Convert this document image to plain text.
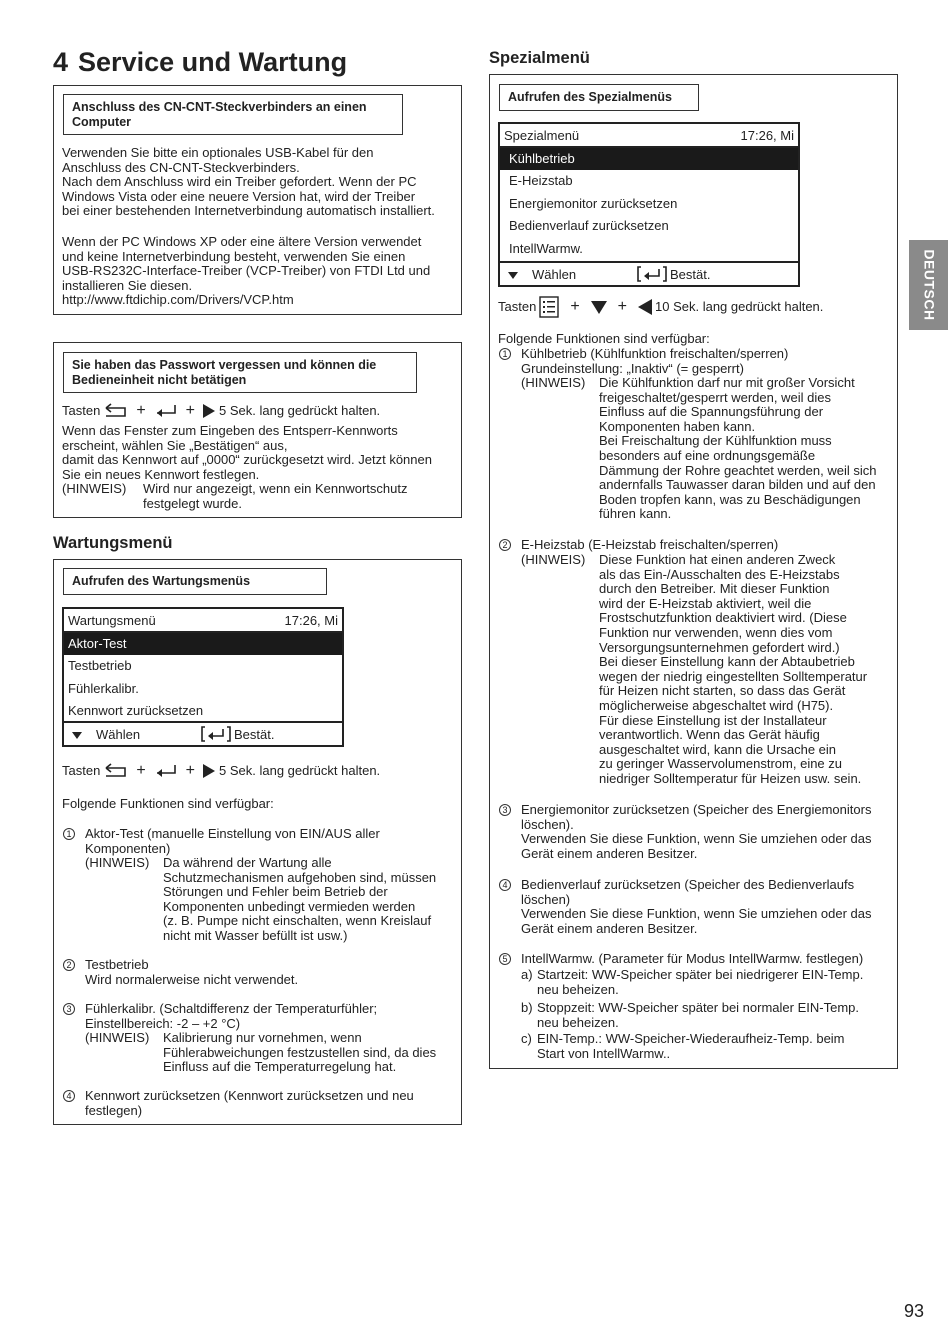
4 Service und Wartung
Anschluss des CN-CNT-Steckverbinders an einen
Computer
Verwenden Sie bitte ein optionales USB-Kabel für den
Anschluss des CN-CNT-Steckverbinders.
Nach dem Anschluss wird ein Treiber gefordert. Wenn der PC
Windows Vista oder eine neuere Version hat, wird der Treiber
bei einer bestehenden Internetverbindung automatisch installiert.
Wenn der PC Windows XP oder eine ältere Version verwendet
und keine Internetverbindung besteht, verwenden Sie einen
USB-RS232C-Interface-Treiber (VCP-Treiber) von FTDI Ltd und
installieren Sie diesen.
http://www.ftdichip.com/Drivers/VCP.htm
Sie haben das Passwort vergessen und können die
Bedieneinheit nicht betätigen
Tasten +	+ 5 Sek. lang gedrückt halten.
Wenn das Fenster zum Eingeben des Entsperr-Kennworts
erscheint, wählen Sie „Bestätigen“ aus,
damit das Kennwort auf „0000“ zurückgesetzt wird. Jetzt können
Sie ein neues Kennwort festlegen.
(HINWEIS) Wird nur angezeigt, wenn ein Kennwortschutz
festgelegt wurde.
Wartungsmenü
Aufrufen des Wartungsmenüs
Wartungsmenü	17:26, Mi
Aktor-Test
Testbetrieb
Fühlerkalibr.
Kennwort zurücksetzen
Wählen	Bestät.
Tasten +	+ 5 Sek. lang gedrückt halten.
Folgende Funktionen sind verfügbar:
1 Aktor-Test (manuelle Einstellung von EIN/AUS aller
Komponenten)
(HINWEIS) Da während der Wartung alle
Schutzmechanismen aufgehoben sind, müssen
Störungen und Fehler beim Betrieb der
Komponenten unbedingt vermieden werden
(z. B. Pumpe nicht einschalten, wenn Kreislauf
nicht mit Wasser befüllt ist usw.)
2 Testbetrieb
Wird normalerweise nicht verwendet.
3 Fühlerkalibr. (Schaltdifferenz der Temperaturfühler;
Einstellbereich: -2 – +2 °C)
(HINWEIS) Kalibrierung nur vornehmen, wenn
Fühlerabweichungen festzustellen sind, da dies
Einfluss auf die Temperaturregelung hat.
4 Kennwort zurücksetzen (Kennwort zurücksetzen und neu
festlegen)
Spezialmenü
Aufrufen des Spezialmenüs
Spezialmenü	17:26, Mi
Kühlbetrieb
E-Heizstab
Energiemonitor zurücksetzen
Bedienverlauf zurücksetzen
IntellWarmw.
Wählen	Bestät.
Tasten + + 10 Sek. lang gedrückt halten.
Folgende Funktionen sind verfügbar:
1 Kühlbetrieb (Kühlfunktion freischalten/sperren)
Grundeinstellung: „Inaktiv“ (= gesperrt)
(HINWEIS) Die Kühlfunktion darf nur mit großer Vorsicht
freigeschaltet/gesperrt werden, weil dies
Einfluss auf die Spannungsführung der
Komponenten haben kann.
Bei Freischaltung der Kühlfunktion muss
besonders auf eine ordnungsgemäße
Dämmung der Rohre geachtet werden, weil sich
andernfalls Tauwasser daran bilden und auf den
Boden tropfen kann, was zu Beschädigungen
führen kann.
2 E-Heizstab (E-Heizstab freischalten/sperren)
(HINWEIS) Diese Funktion hat einen anderen Zweck
als das Ein-/Ausschalten des E-Heizstabs
durch den Betreiber. Mit dieser Funktion
wird der E-Heizstab aktiviert, weil die
Frostschutzfunktion deaktiviert wird. (Diese
Funktion nur verwenden, wenn dies vom
Versorgungsunternehmen gefordert wird.)
Bei dieser Einstellung kann der Abtaubetrieb
wegen der niedrig eingestellten Solltemperatur
für Heizen nicht starten, so dass das Gerät
möglicherweise abgeschaltet wird (H75).
Für diese Einstellung ist der Installateur
verantwortlich. Wenn das Gerät häufig
ausgeschaltet wird, kann die Ursache ein
zu geringer Wasservolumenstrom, eine zu
niedriger Solltemperatur für Heizen usw. sein.
3 Energiemonitor zurücksetzen (Speicher des Energiemonitors
löschen).
Verwenden Sie diese Funktion, wenn Sie umziehen oder das
Gerät einem anderen Besitzer.
4 Bedienverlauf zurücksetzen (Speicher des Bedienverlaufs
löschen)
Verwenden Sie diese Funktion, wenn Sie umziehen oder das
Gerät einem anderen Besitzer.
5 IntellWarmw. (Parameter für Modus IntellWarmw. festlegen)
a) Startzeit: WW-Speicher später bei niedrigerer EIN-Temp.
neu beheizen.
b) Stoppzeit: WW-Speicher später bei normaler EIN-Temp.
neu beheizen.
c) EIN-Temp.: WW-Speicher-Wiederaufheiz-Temp. beim
Start von IntellWarmw..
DEUTSCH
93
